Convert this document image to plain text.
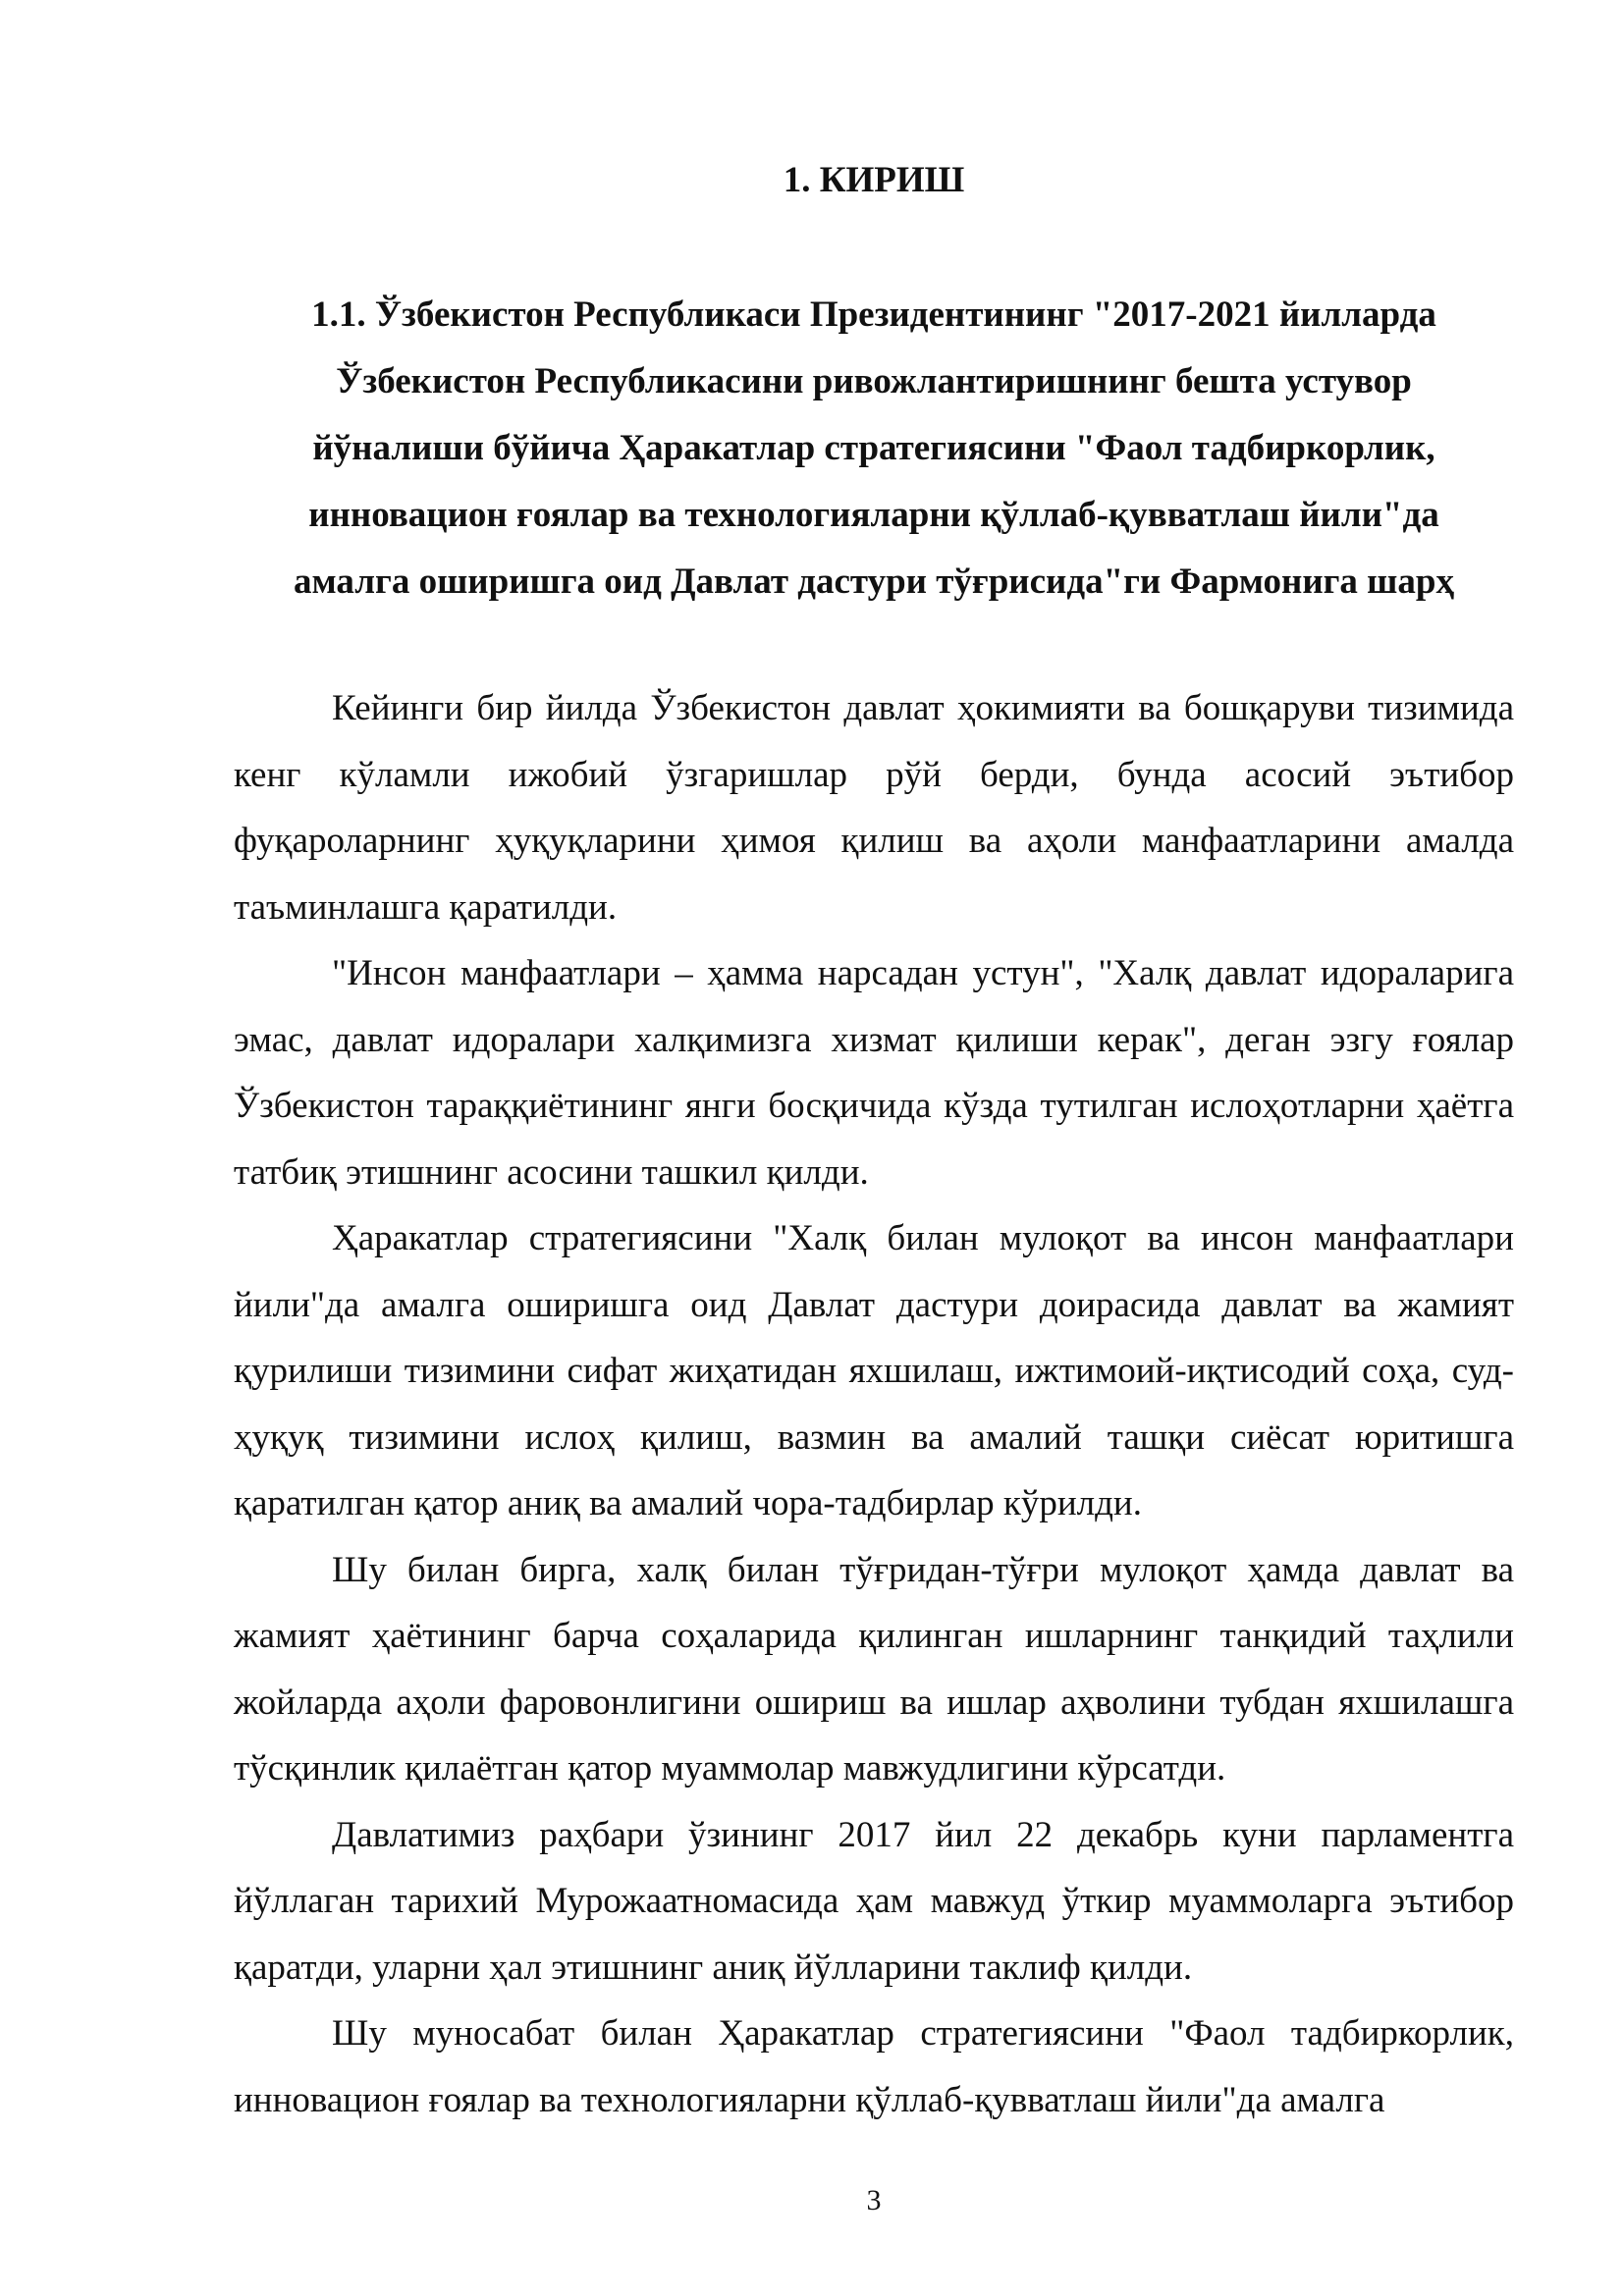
1. КИРИШ
1.1. Ўзбекистон Республикаси Президентининг "2017-2021 йилларда
Ўзбекистон Республикасини ривожлантиришнинг бешта устувор
йўналиши бўйича Ҳаракатлар стратегиясини "Фаол тадбиркорлик,
инновацион ғоялар ва технологияларни қўллаб-қувватлаш йили"да
амалга оширишга оид Давлат дастури тўғрисида"ги Фармонига шарҳ

Кейинги бир йилда Ўзбекистон давлат ҳокимияти ва бошқаруви тизимида кенг кўламли ижобий ўзгаришлар рўй берди, бунда асосий эътибор фуқароларнинг ҳуқуқларини ҳимоя қилиш ва аҳоли манфаатларини амалда таъминлашга қаратилди.

"Инсон манфаатлари – ҳамма нарсадан устун", "Халқ давлат идораларига эмас, давлат идоралари халқимизга хизмат қилиши керак", деган эзгу ғоялар Ўзбекистон тараққиётининг янги босқичида кўзда тутилган ислоҳотларни ҳаётга татбиқ этишнинг асосини ташкил қилди.

Ҳаракатлар стратегиясини "Халқ билан мулоқот ва инсон манфаатлари йили"да амалга оширишга оид Давлат дастури доирасида давлат ва жамият қурилиши тизимини сифат жиҳатидан яхшилаш, ижтимоий-иқтисодий соҳа, суд-ҳуқуқ тизимини ислоҳ қилиш, вазмин ва амалий ташқи сиёсат юритишга қаратилган қатор аниқ ва амалий чора-тадбирлар кўрилди.

Шу билан бирга, халқ билан тўғридан-тўғри мулоқот ҳамда давлат ва жамият ҳаётининг барча соҳаларида қилинган ишларнинг танқидий таҳлили жойларда аҳоли фаровонлигини ошириш ва ишлар аҳволини тубдан яхшилашга тўсқинлик қилаётган қатор муаммолар мавжудлигини кўрсатди.

Давлатимиз раҳбари ўзининг 2017 йил 22 декабрь куни парламентга йўллаган тарихий Мурожаатномасида ҳам мавжуд ўткир муаммоларга эътибор қаратди, уларни ҳал этишнинг аниқ йўлларини таклиф қилди.

Шу муносабат билан Ҳаракатлар стратегиясини "Фаол тадбиркорлик, инновацион ғоялар ва технологияларни қўллаб-қувватлаш йили"да амалга

3
